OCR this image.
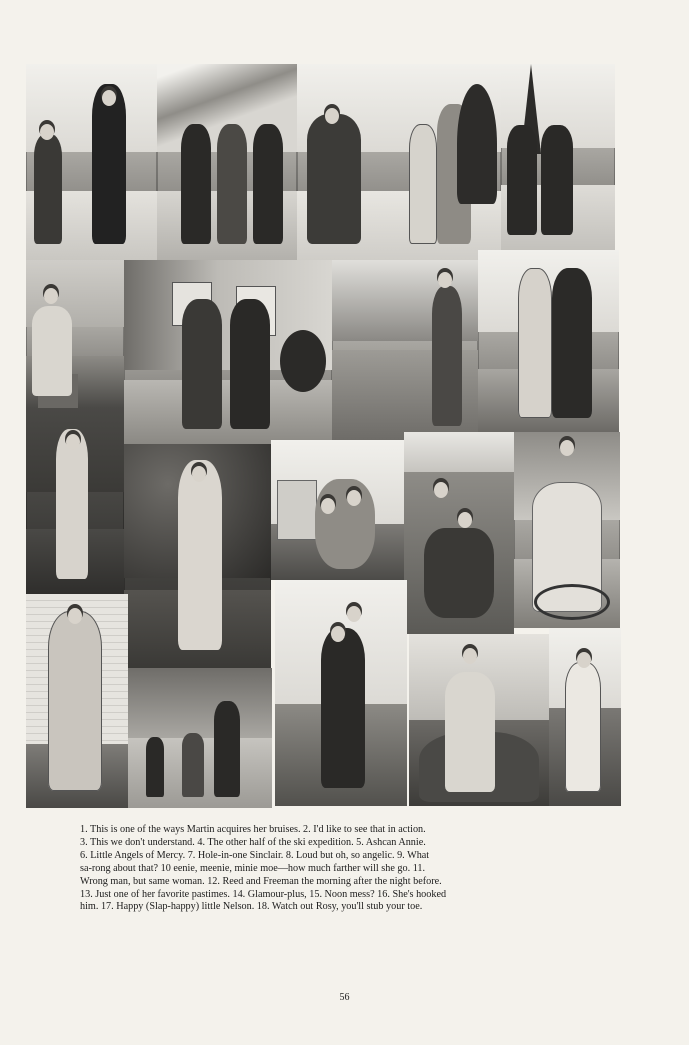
1. This is one of the ways Martin acquires her bruises. 2. I'd like to see that in action.
3. This we don't understand. 4. The other half of the ski expedition. 5. Ashcan Annie.
6. Little Angels of Mercy. 7. Hole-in-one Sinclair. 8. Loud but oh, so angelic. 9. What
sa-rong about that? 10 eenie, meenie, minie moe—how much farther will she go. 11.
Wrong man, but same woman. 12. Reed and Freeman the morning after the night before.
13. Just one of her favorite pastimes. 14. Glamour-plus, 15. Noon mess? 16. She's hooked
him. 17. Happy (Slap-happy) little Nelson. 18. Watch out Rosy, you'll stub your toe.
56
